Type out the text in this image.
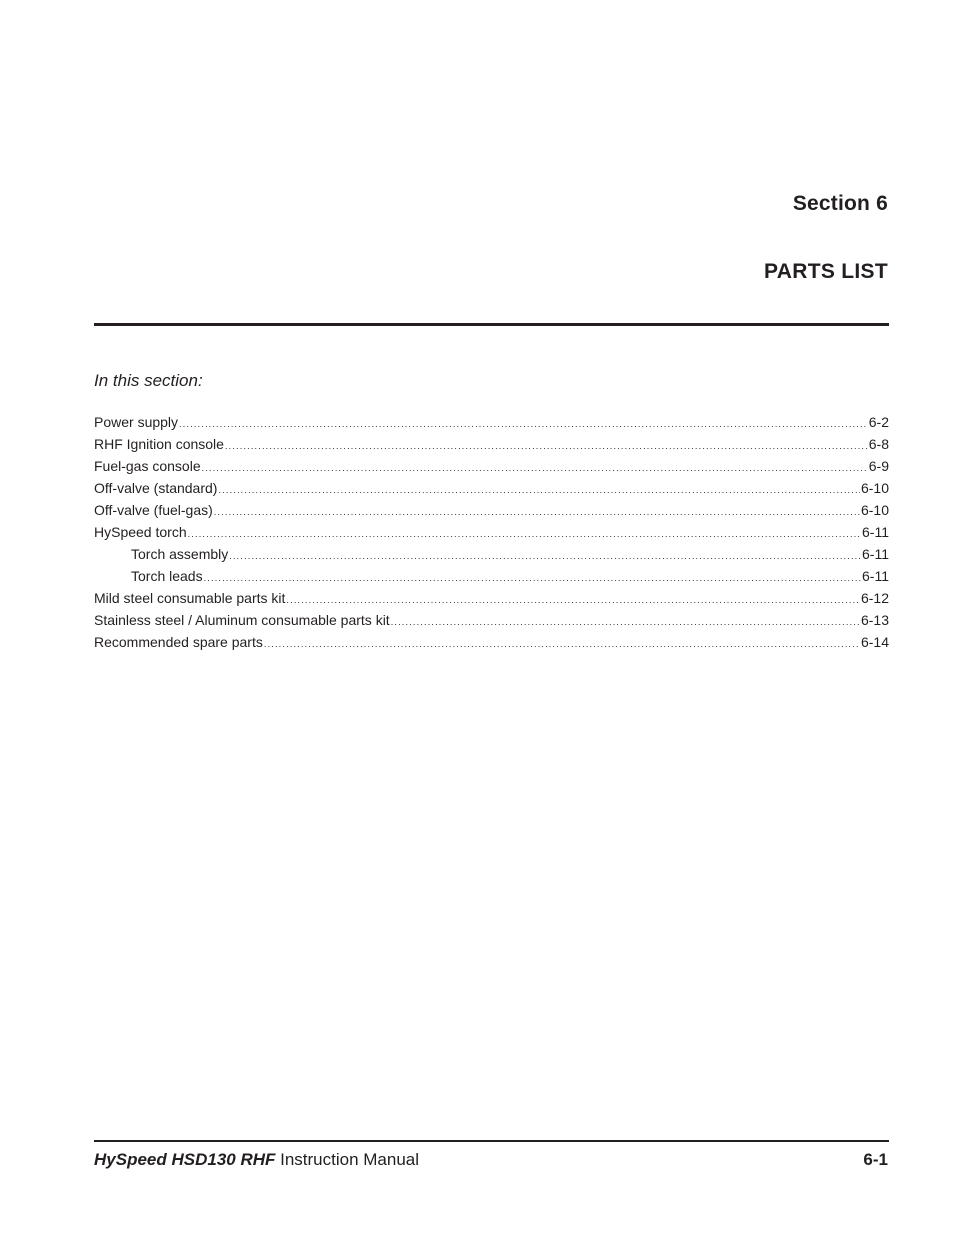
Section 6
PARTS LIST
In this section:
Power supply .....	6-2
RHF Ignition console .....	6-8
Fuel-gas console .....	6-9
Off-valve (standard) .....	6-10
Off-valve (fuel-gas) .....	6-10
HySpeed torch .....	6-11
Torch assembly .....	6-11
Torch leads .....	6-11
Mild steel consumable parts kit .....	6-12
Stainless steel / Aluminum consumable parts kit .....	6-13
Recommended spare parts .....	6-14
HySpeed HSD130 RHF Instruction Manual	6-1
